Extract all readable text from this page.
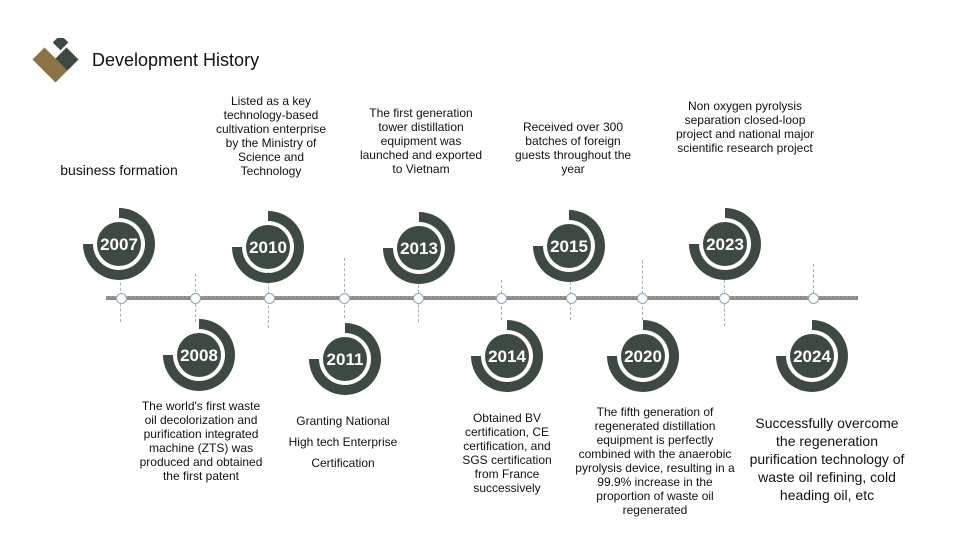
Development History
2007
2008
2010
2011
2013
2014
2015
2020
2023
2024
business formation
The world's first waste oil decolorization and purification integrated machine (ZTS) was produced and obtained the first patent
Listed as a key technology-based cultivation enterprise by the Ministry of Science and Technology
Granting National High tech Enterprise Certification
The first generation tower distillation equipment was launched and exported to Vietnam
Obtained BV certification, CE certification, and SGS certification from France successively
Received over 300 batches of foreign guests throughout the year
The fifth generation of regenerated distillation equipment is perfectly combined with the anaerobic pyrolysis device, resulting in a 99.9% increase in the proportion of waste oil regenerated
Non oxygen pyrolysis separation closed-loop project and national major scientific research project
Successfully overcome the regeneration purification technology of waste oil refining, cold heading oil, etc
